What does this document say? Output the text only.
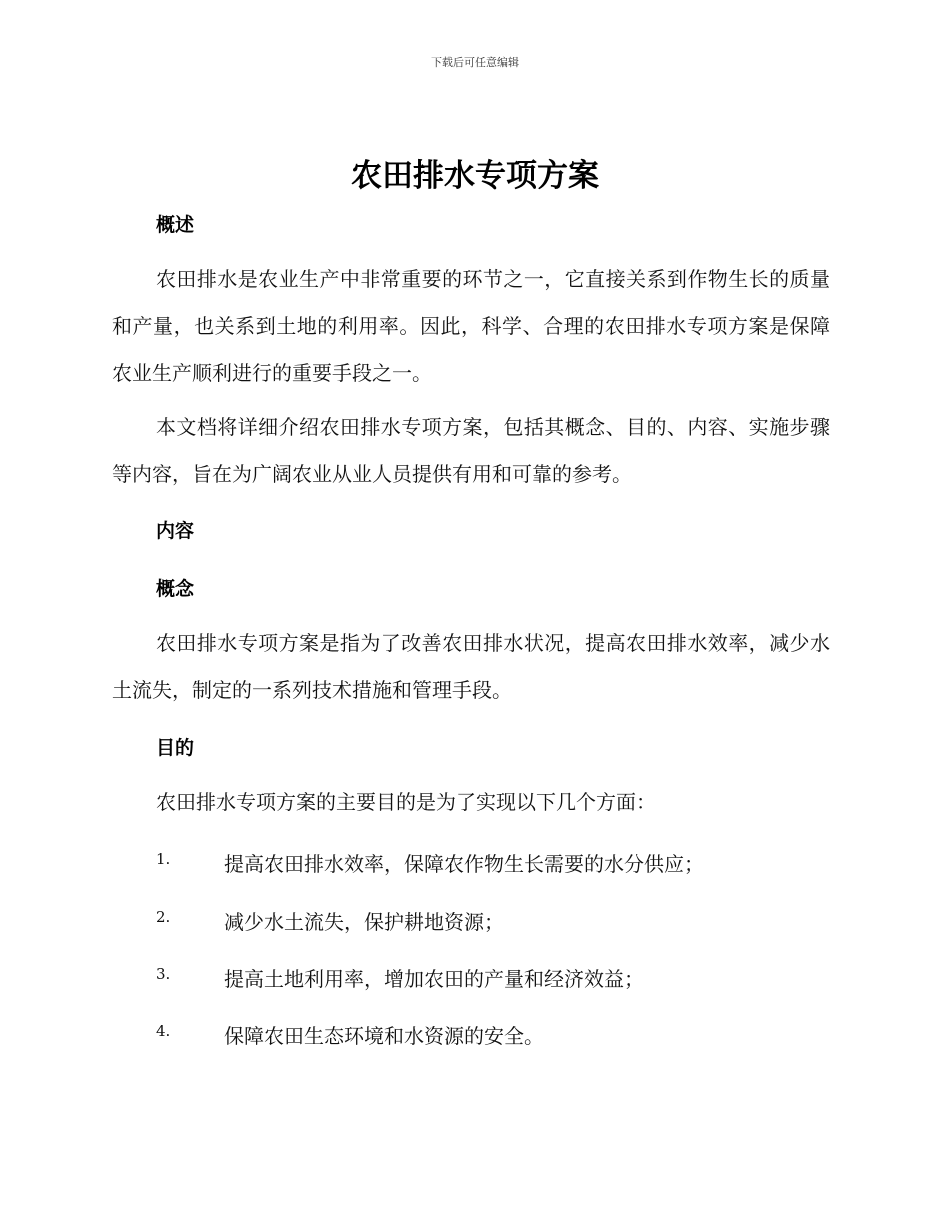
下载后可任意编辑
农田排水专项方案
概述

农田排水是农业生产中非常重要的环节之一，它直接关系到作物生长的质量和产量，也关系到土地的利用率。因此，科学、合理的农田排水专项方案是保障农业生产顺利进行的重要手段之一。

本文档将详细介绍农田排水专项方案，包括其概念、目的、内容、实施步骤等内容，旨在为广阔农业从业人员提供有用和可靠的参考。

内容
概念

农田排水专项方案是指为了改善农田排水状况，提高农田排水效率，减少水土流失，制定的一系列技术措施和管理手段。

目的

农田排水专项方案的主要目的是为了实现以下几个方面：

1.	提高农田排水效率，保障农作物生长需要的水分供应；
2.	减少水土流失，保护耕地资源；
3.	提高土地利用率，增加农田的产量和经济效益；
4.	保障农田生态环境和水资源的安全。
